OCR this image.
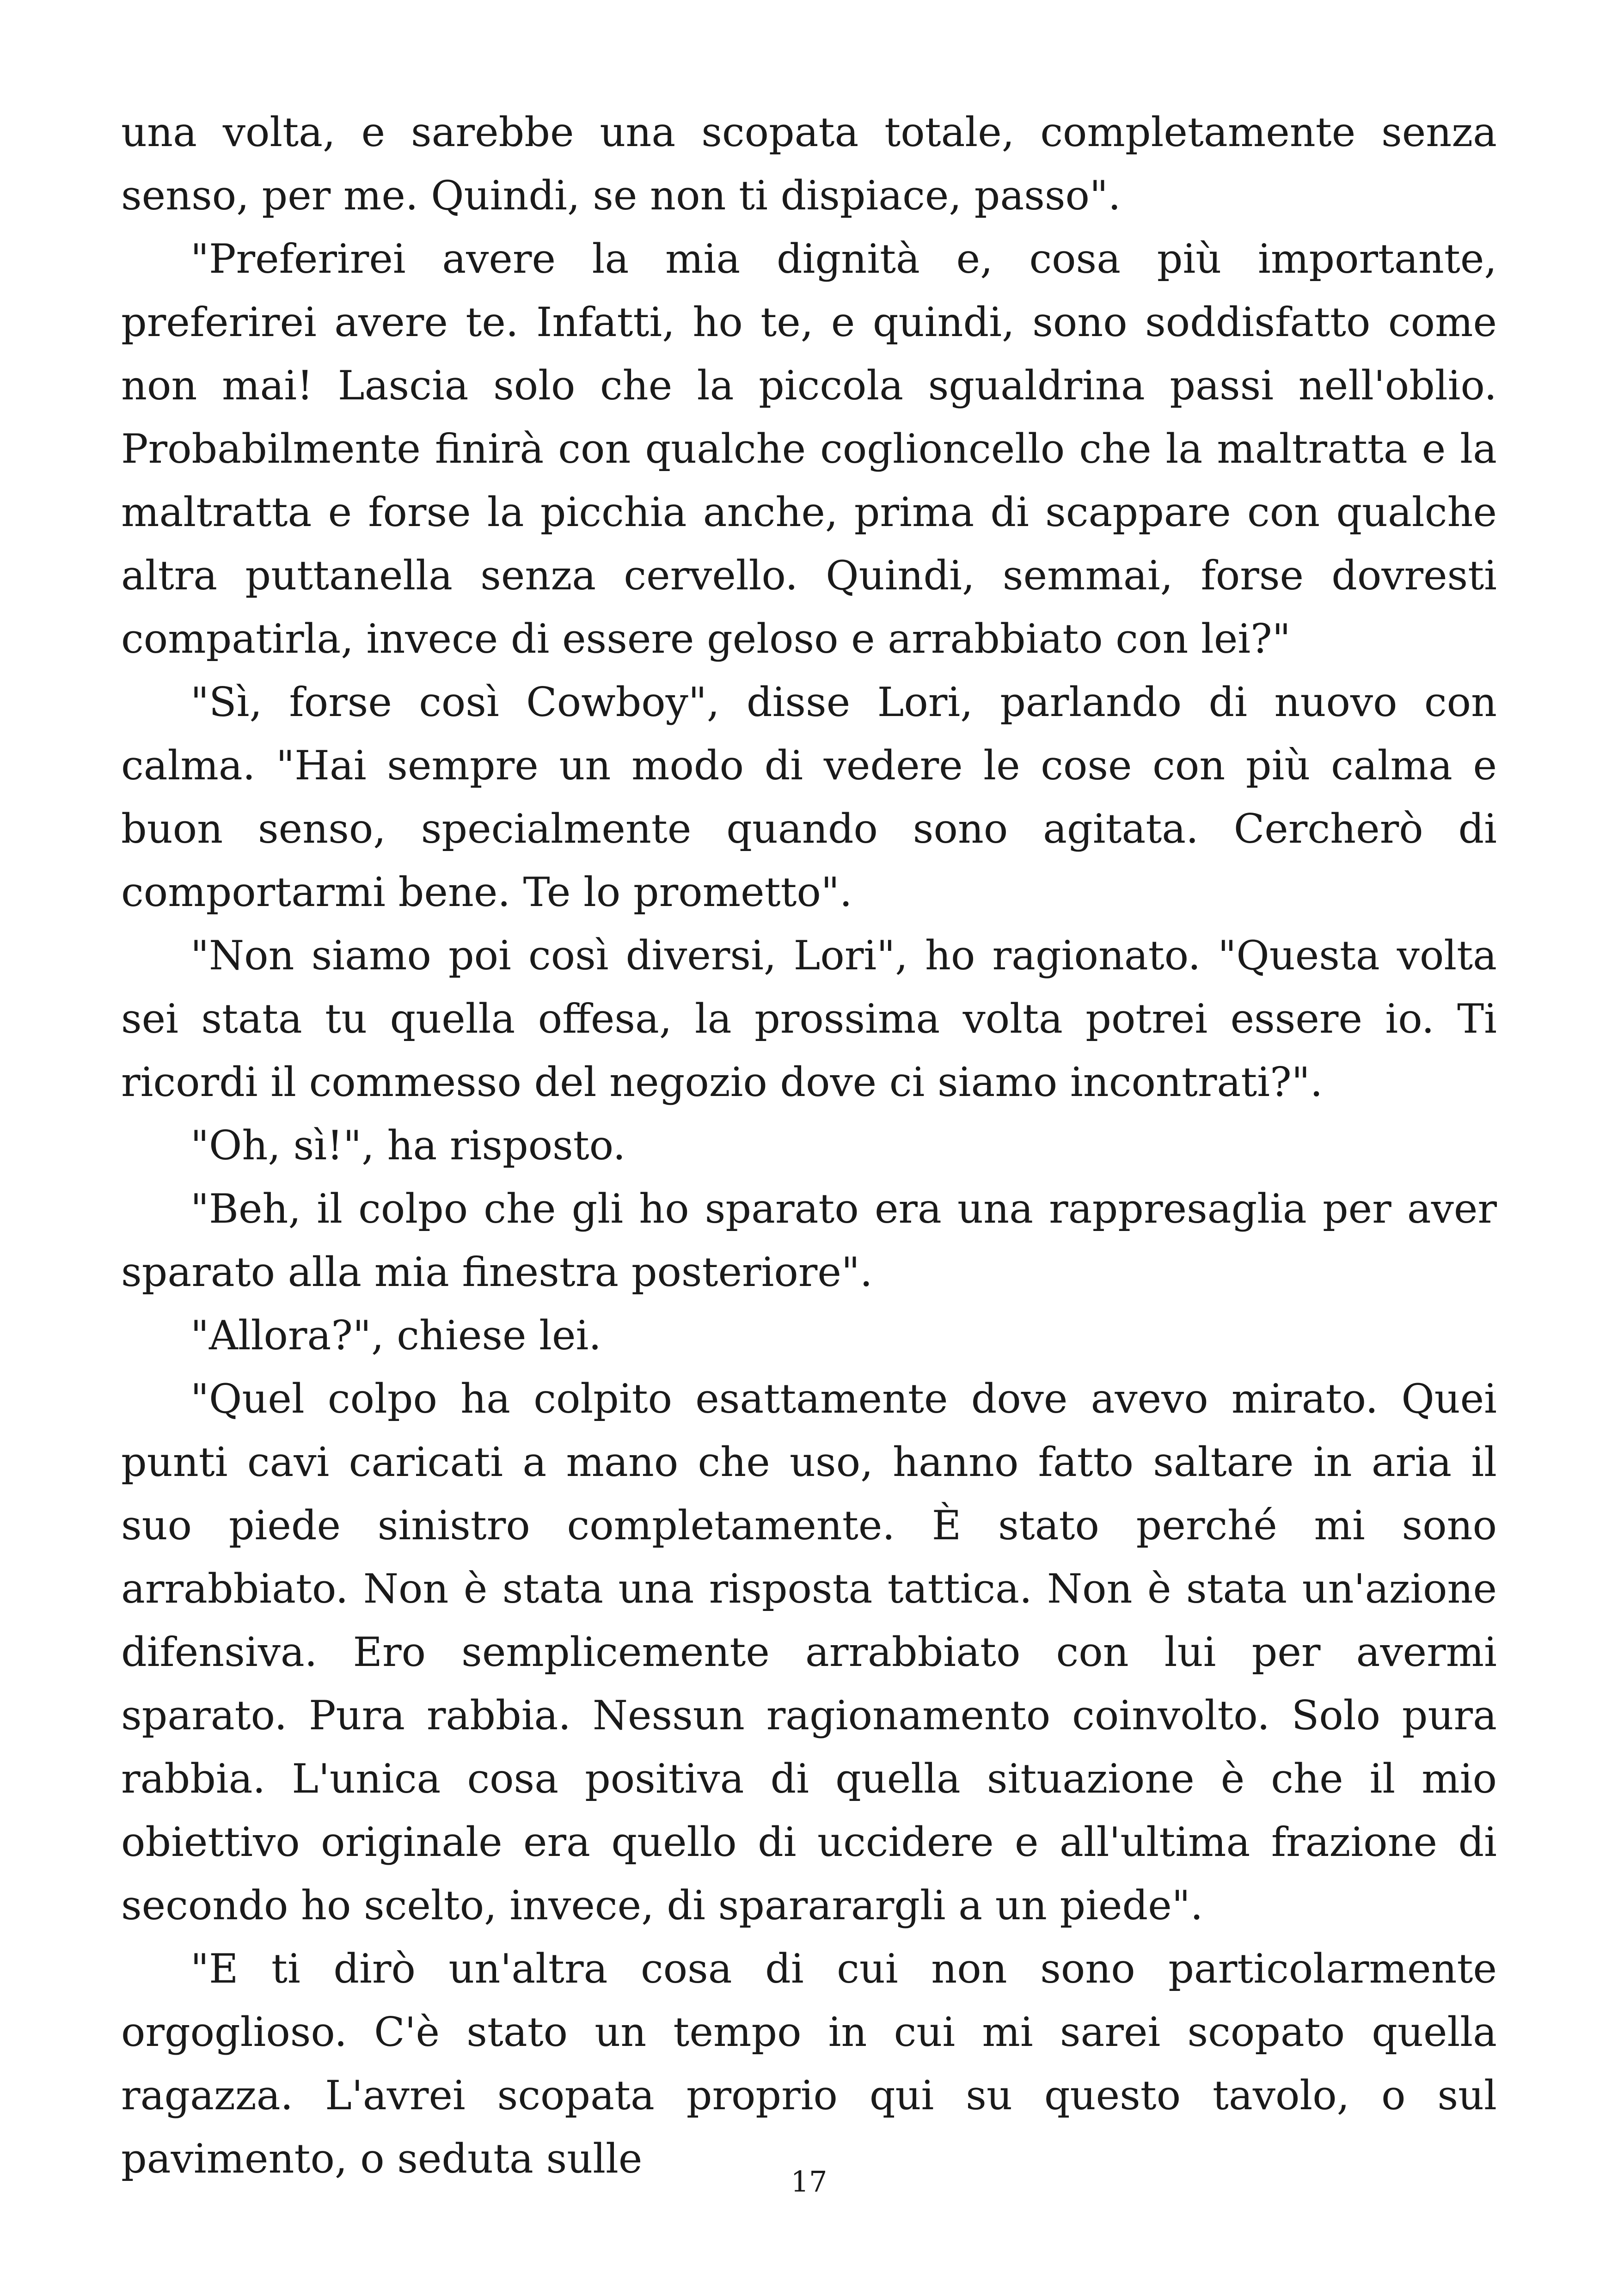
una volta, e sarebbe una scopata totale, completamente senza senso, per me. Quindi, se non ti dispiace, passo".

"Preferirei avere la mia dignità e, cosa più importante, preferirei avere te. Infatti, ho te, e quindi, sono soddisfatto come non mai! Lascia solo che la piccola sgualdrina passi nell'oblio. Probabilmente finirà con qualche coglioncello che la maltratta e la maltratta e forse la picchia anche, prima di scappare con qualche altra puttanella senza cervello. Quindi, semmai, forse dovresti compatirla, invece di essere geloso e arrabbiato con lei?"

"Sì, forse così Cowboy", disse Lori, parlando di nuovo con calma. "Hai sempre un modo di vedere le cose con più calma e buon senso, specialmente quando sono agitata. Cercherò di comportarmi bene. Te lo prometto".

"Non siamo poi così diversi, Lori", ho ragionato. "Questa volta sei stata tu quella offesa, la prossima volta potrei essere io. Ti ricordi il commesso del negozio dove ci siamo incontrati?".

"Oh, sì!", ha risposto.

"Beh, il colpo che gli ho sparato era una rappresaglia per aver sparato alla mia finestra posteriore".

"Allora?", chiese lei.

"Quel colpo ha colpito esattamente dove avevo mirato. Quei punti cavi caricati a mano che uso, hanno fatto saltare in aria il suo piede sinistro completamente. È stato perché mi sono arrabbiato. Non è stata una risposta tattica. Non è stata un'azione difensiva. Ero semplicemente arrabbiato con lui per avermi sparato. Pura rabbia. Nessun ragionamento coinvolto. Solo pura rabbia. L'unica cosa positiva di quella situazione è che il mio obiettivo originale era quello di uccidere e all'ultima frazione di secondo ho scelto, invece, di spararargli a un piede".

"E ti dirò un'altra cosa di cui non sono particolarmente orgoglioso. C'è stato un tempo in cui mi sarei scopato quella ragazza. L'avrei scopata proprio qui su questo tavolo, o sul pavimento, o seduta sulle	17
